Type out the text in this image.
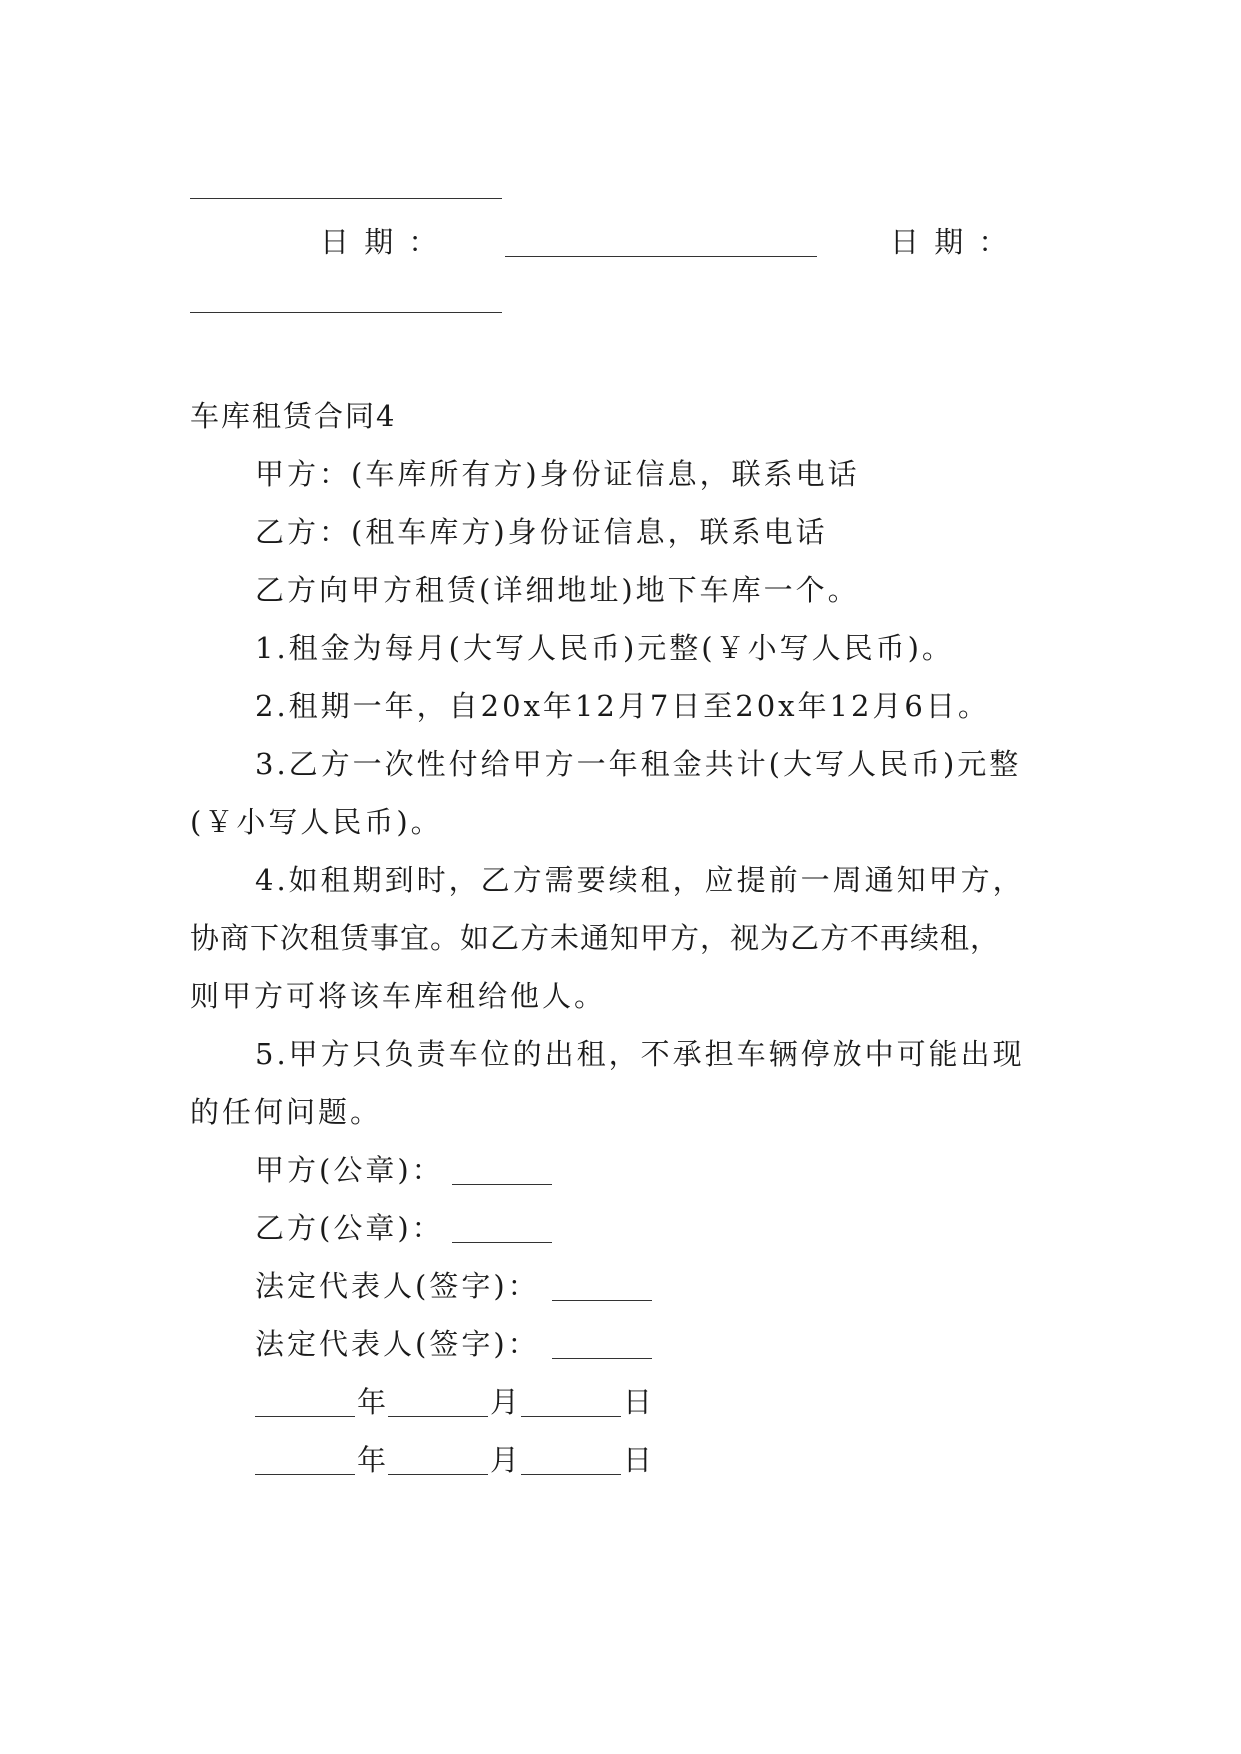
日 期 ：	日 期 ：
车库租赁合同4
甲方：(车库所有方)身份证信息，联系电话
乙方：(租车库方)身份证信息，联系电话
乙方向甲方租赁(详细地址)地下车库一个。
1.租金为每月(大写人民币)元整(￥小写人民币)。
2.租期一年，自20x年12月7日至20x年12月6日。
3.乙方一次性付给甲方一年租金共计(大写人民币)元整
(￥小写人民币)。
4.如租期到时，乙方需要续租，应提前一周通知甲方，
协商下次租赁事宜。如乙方未通知甲方，视为乙方不再续租，
则甲方可将该车库租给他人。
5.甲方只负责车位的出租，不承担车辆停放中可能出现
的任何问题。
甲方(公章)：
乙方(公章)：
法定代表人(签字)：
法定代表人(签字)：
年	月	日
年	月	日
